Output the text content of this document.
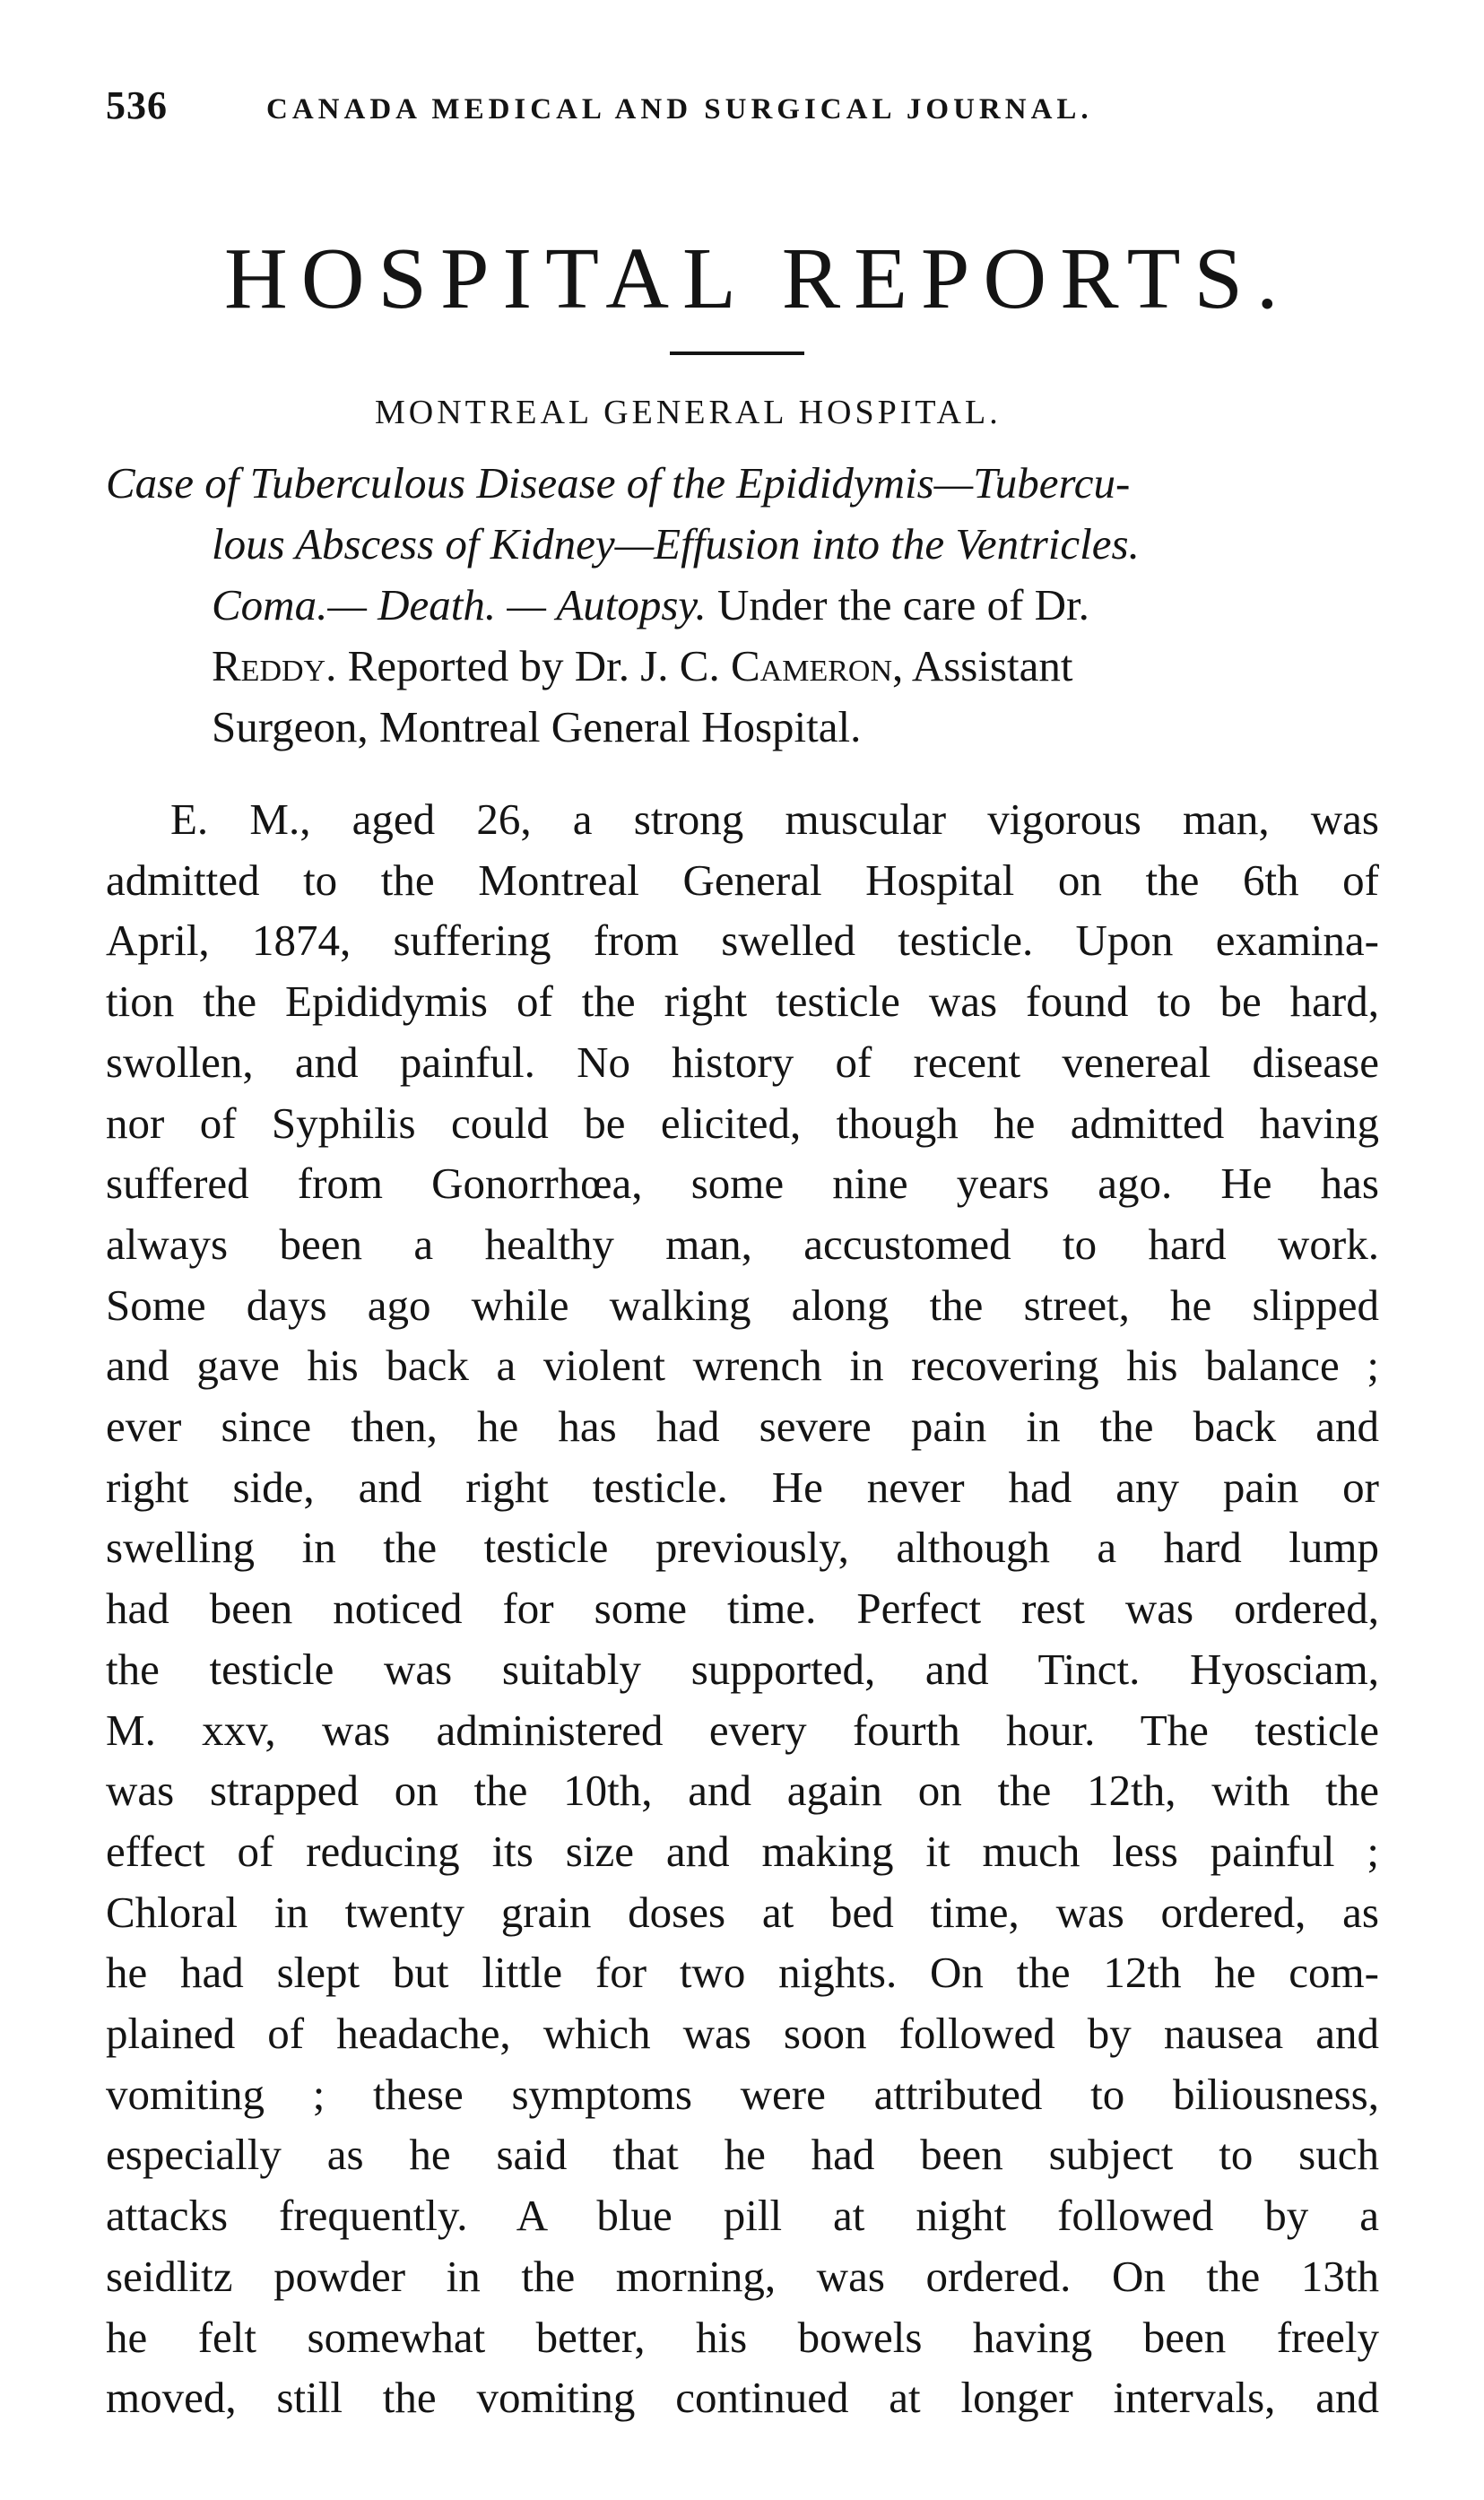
536	CANADA MEDICAL AND SURGICAL JOURNAL.
HOSPITAL REPORTS.
MONTREAL GENERAL HOSPITAL.

Case of Tuberculous Disease of the Epididymis—Tubercu-

lous Abscess of Kidney—Effusion into the Ventricles.

Coma.— Death. — Autopsy. Under the care of Dr.

Reddy. Reported by Dr. J. C. Cameron, Assistant

Surgeon, Montreal General Hospital.

E. M., aged 26, a strong muscular vigorous man, was
admitted to the Montreal General Hospital on the 6th of
April, 1874, suffering from swelled testicle. Upon examina-
tion the Epididymis of the right testicle was found to be hard,
swollen, and painful. No history of recent venereal disease
nor of Syphilis could be elicited, though he admitted having
suffered from Gonorrhœa, some nine years ago. He has
always been a healthy man, accustomed to hard work.
Some days ago while walking along the street, he slipped
and gave his back a violent wrench in recovering his balance ;
ever since then, he has had severe pain in the back and
right side, and right testicle. He never had any pain or
swelling in the testicle previously, although a hard lump
had been noticed for some time. Perfect rest was ordered,
the testicle was suitably supported, and Tinct. Hyosciam,
M. xxv, was administered every fourth hour. The testicle
was strapped on the 10th, and again on the 12th, with the
effect of reducing its size and making it much less painful ;
Chloral in twenty grain doses at bed time, was ordered, as
he had slept but little for two nights. On the 12th he com-
plained of headache, which was soon followed by nausea and
vomiting ; these symptoms were attributed to biliousness,
especially as he said that he had been subject to such
attacks frequently. A blue pill at night followed by a
seidlitz powder in the morning, was ordered. On the 13th
he felt somewhat better, his bowels having been freely
moved, still the vomiting continued at longer intervals, and
